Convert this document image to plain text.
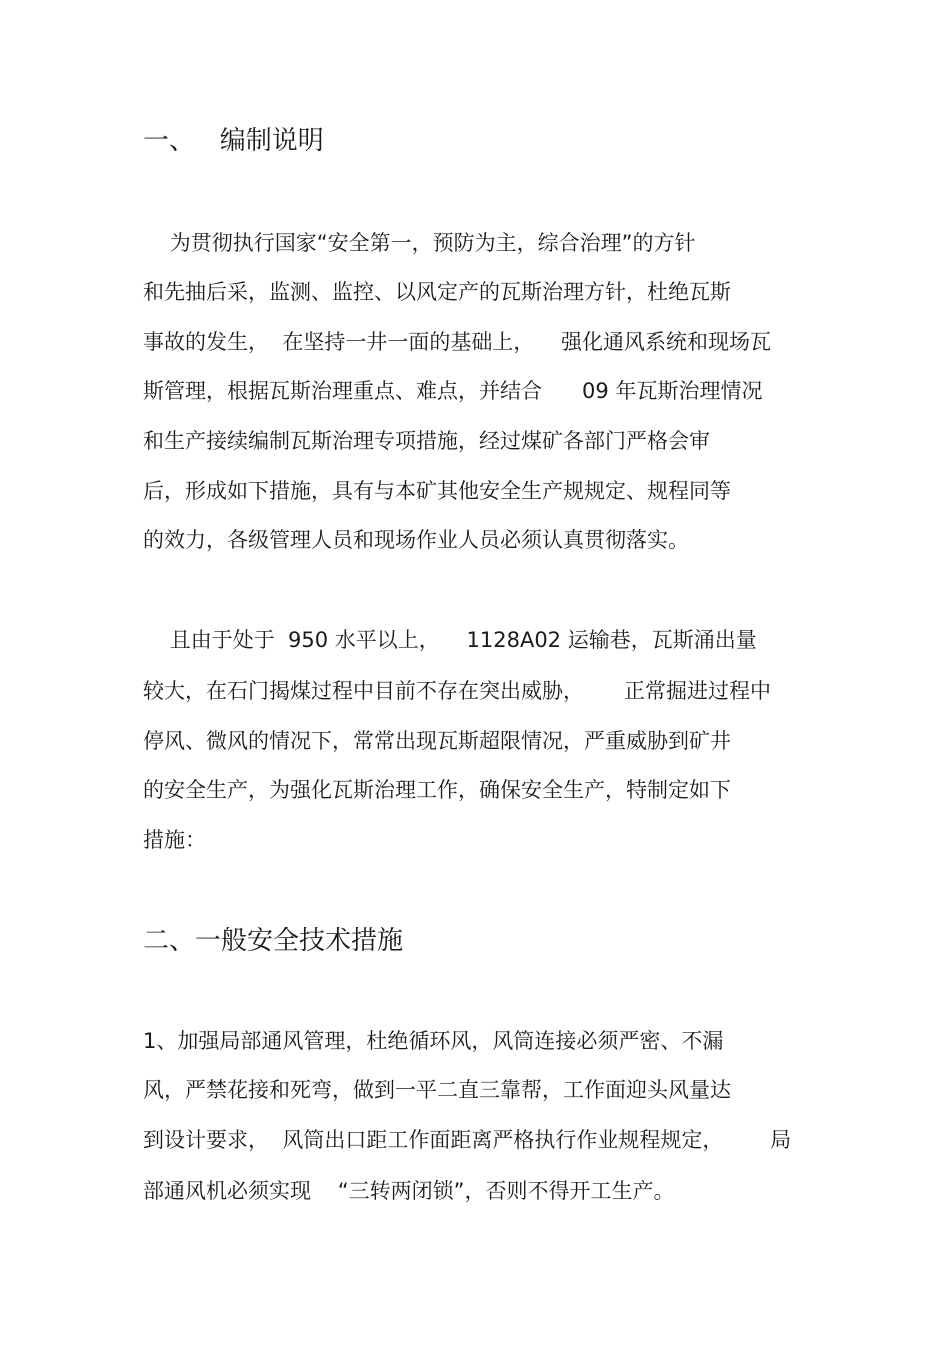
一、   编制说明
为贯彻执行国家“安全第一，预防为主，综合治理”的方针
和先抽后采，监测、监控、以风定产的瓦斯治理方针，杜绝瓦斯
事故的发生，  在坚持一井一面的基础上，    强化通风系统和现场瓦
斯管理，根据瓦斯治理重点、难点，并结合      09 年瓦斯治理情况
和生产接续编制瓦斯治理专项措施，经过煤矿各部门严格会审
后，形成如下措施，具有与本矿其他安全生产规规定、规程同等
的效力，各级管理人员和现场作业人员必须认真贯彻落实。
且由于处于  950 水平以上，    1128A02 运输巷，瓦斯涌出量
较大，在石门揭煤过程中目前不存在突出威胁，      正常掘进过程中
停风、微风的情况下，常常出现瓦斯超限情况，严重威胁到矿井
的安全生产，为强化瓦斯治理工作，确保安全生产，特制定如下
措施：
二、一般安全技术措施
1、加强局部通风管理，杜绝循环风，风筒连接必须严密、不漏
风，严禁花接和死弯，做到一平二直三靠帮，工作面迎头风量达
到设计要求，  风筒出口距工作面距离严格执行作业规程规定，       局
部通风机必须实现    “三转两闭锁”，否则不得开工生产。
